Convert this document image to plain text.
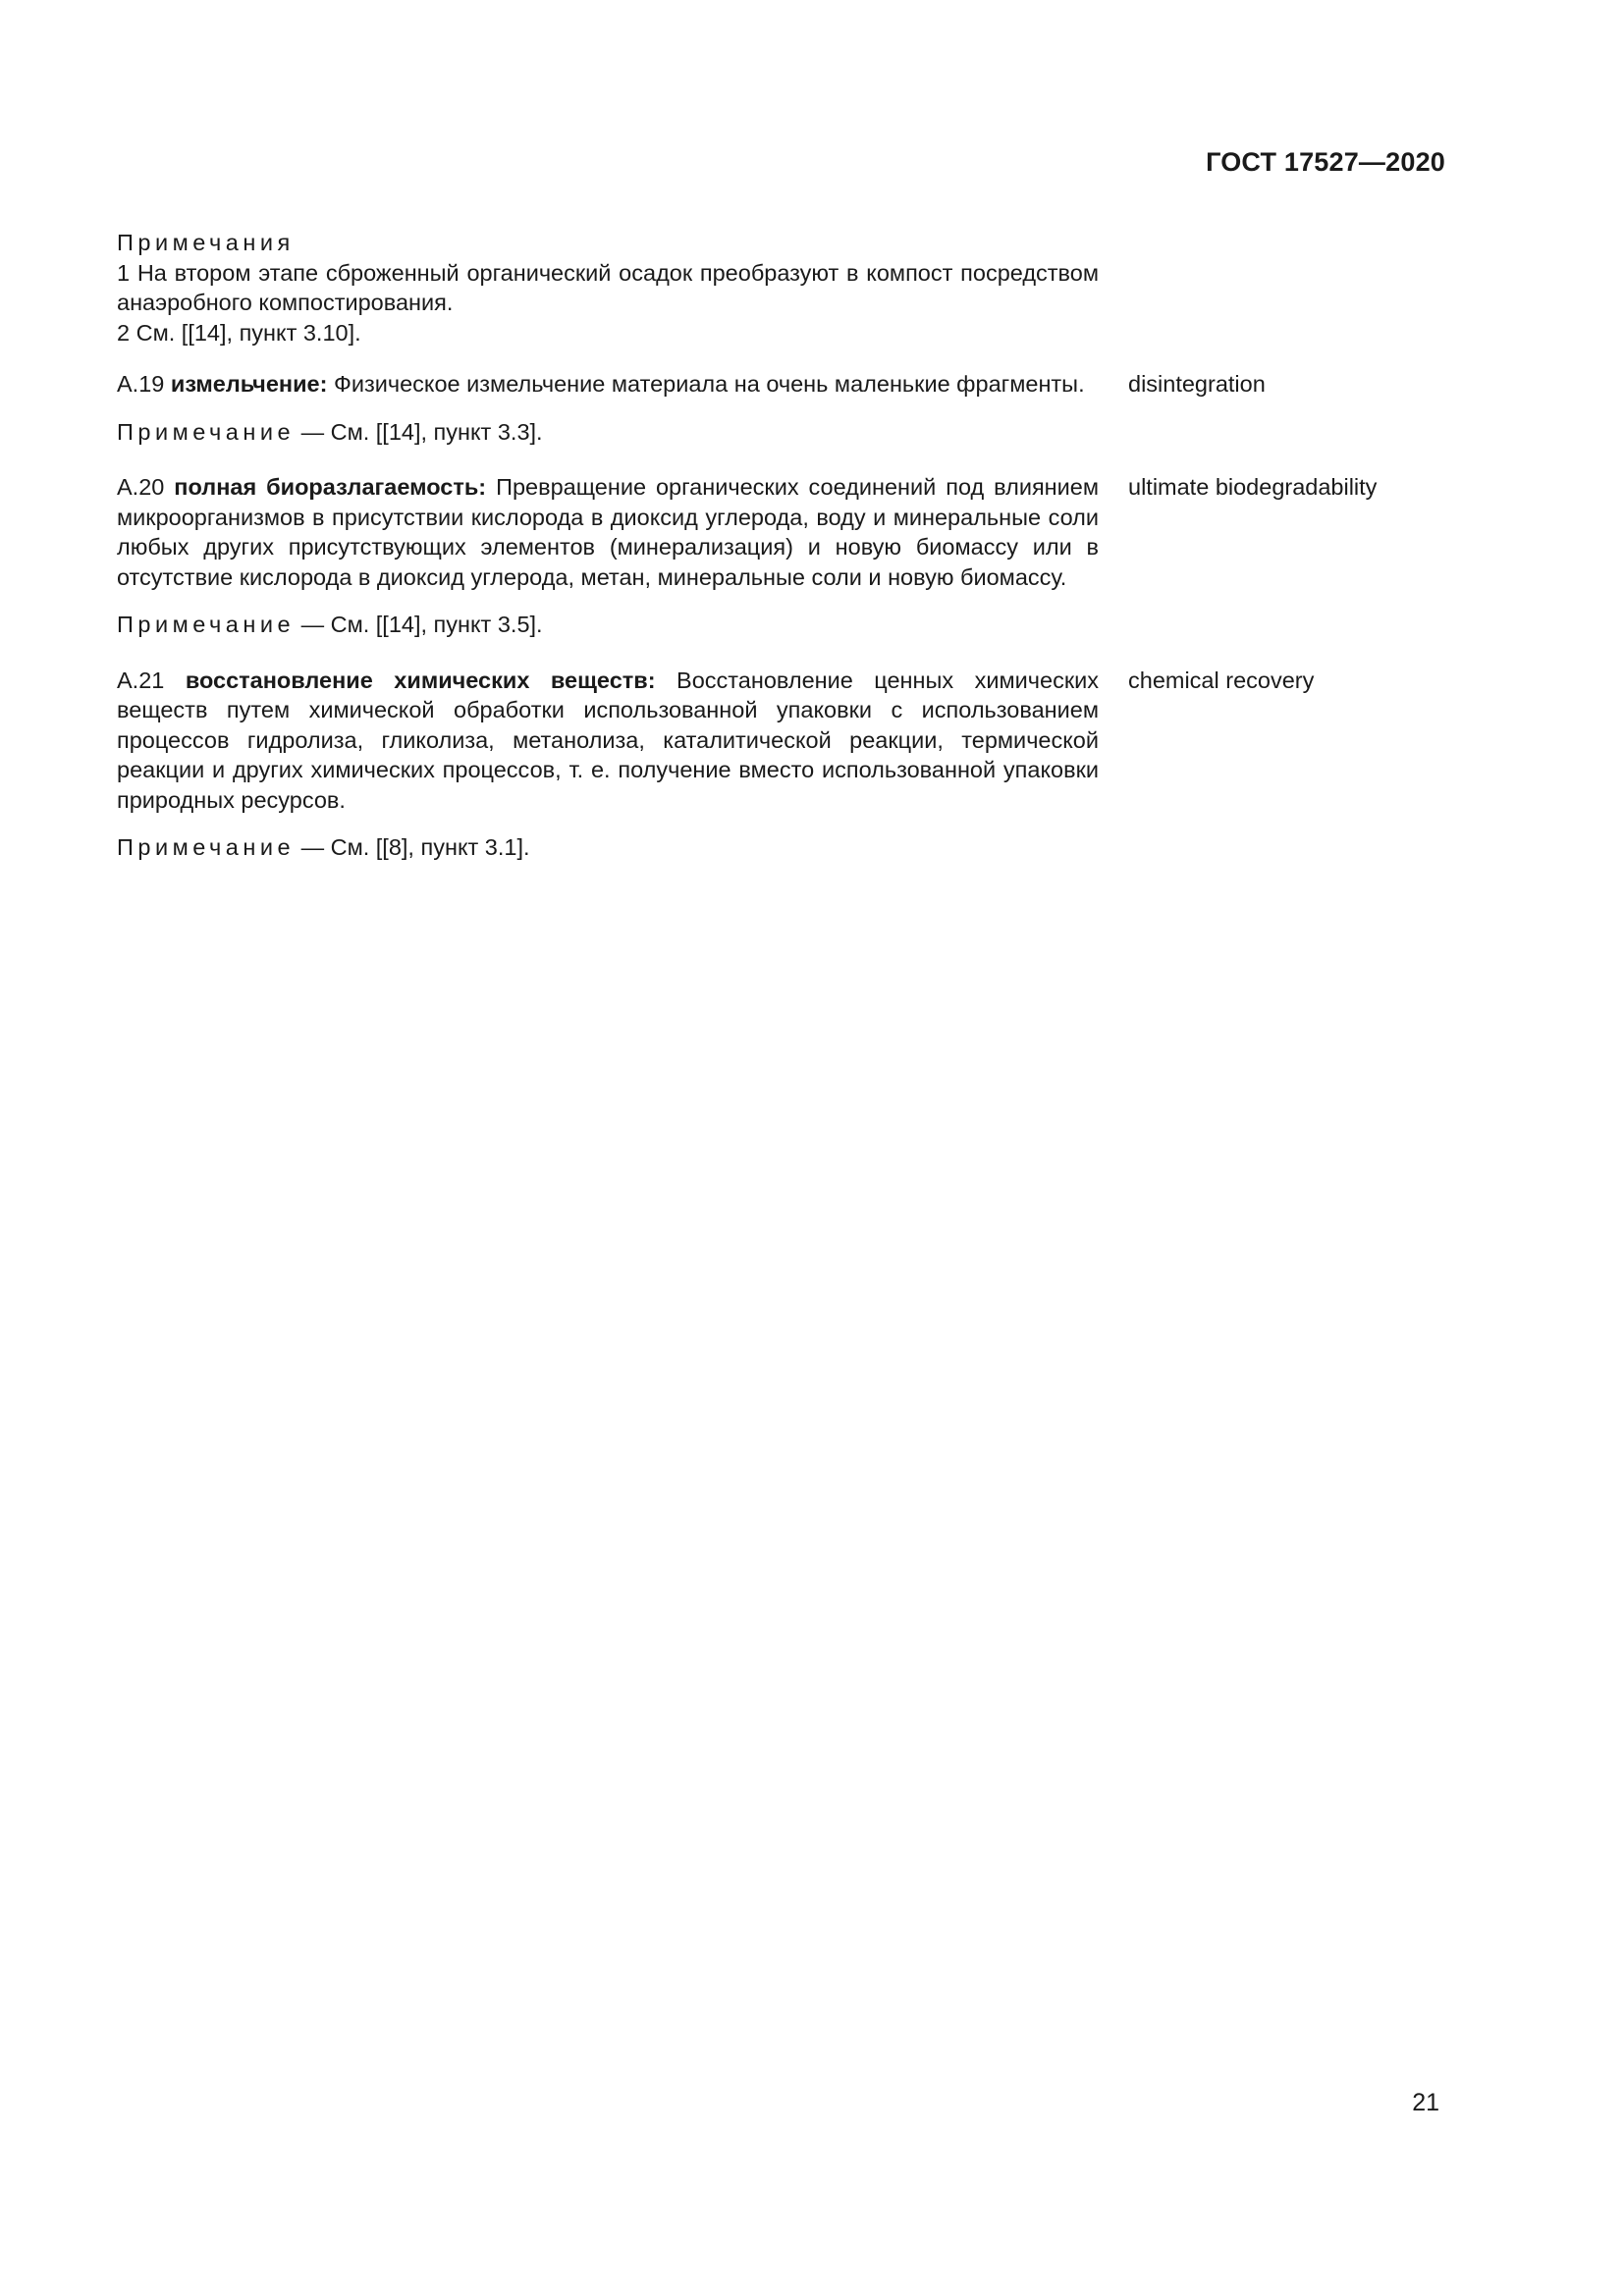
ГОСТ 17527—2020
Примечания
1 На втором этапе сброженный органический осадок преобразуют в компост посредством анаэробного компостирования.
2 См. [[14], пункт 3.10].
А.19 измельчение: Физическое измельчение материала на очень маленькие фрагменты.	disintegration
Примечание — См. [[14], пункт 3.3].
А.20 полная биоразлагаемость: Превращение органических соединений под влиянием микроорганизмов в присутствии кислорода в диоксид углерода, воду и минеральные соли любых других присутствующих элементов (минерализация) и новую биомассу или в отсутствие кислорода в диоксид углерода, метан, минеральные соли и новую биомассу.
ultimate biodegradability
Примечание — См. [[14], пункт 3.5].
А.21 восстановление химических веществ: Восстановление ценных химических веществ путем химической обработки использованной упаковки с использованием процессов гидролиза, гликолиза, метанолиза, каталитической реакции, термической реакции и других химических процессов, т. е. получение вместо использованной упаковки природных ресурсов.
chemical recovery
Примечание — См. [[8], пункт 3.1].
21
